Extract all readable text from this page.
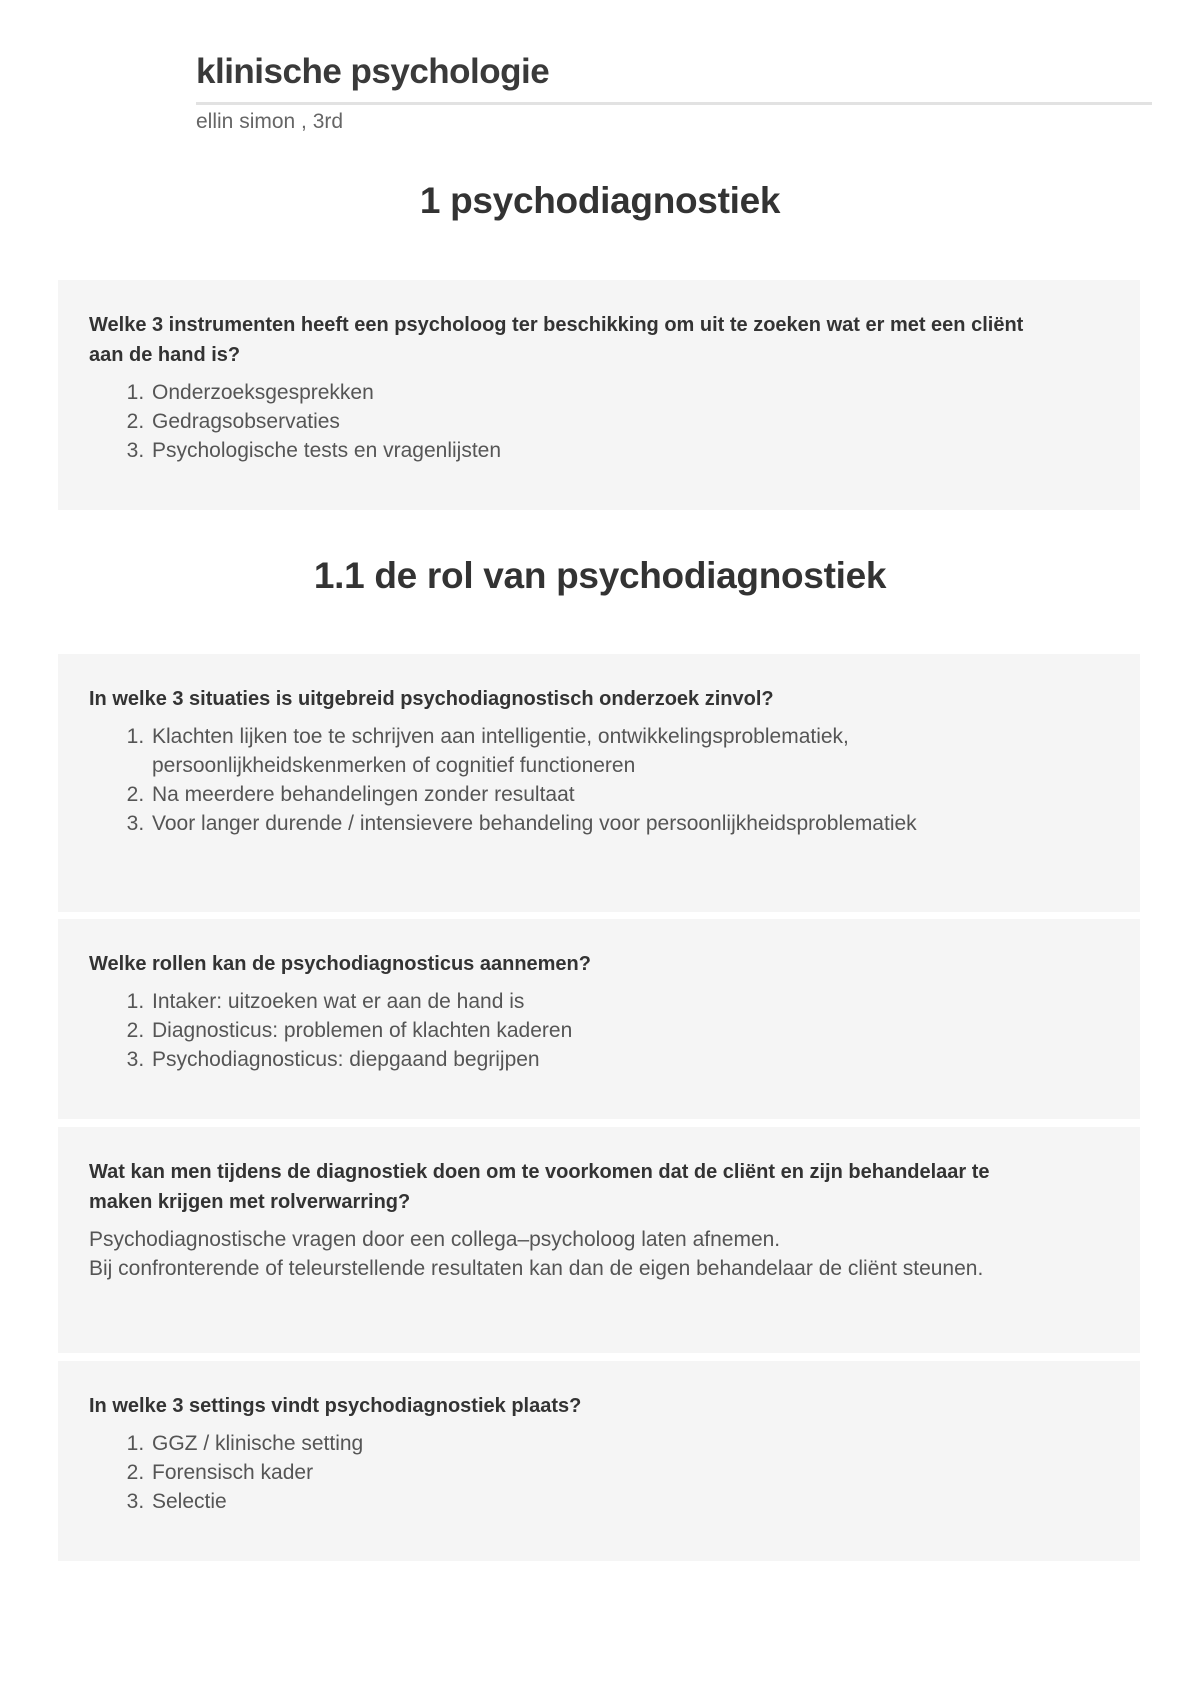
klinische psychologie
ellin simon , 3rd
1 psychodiagnostiek
Welke 3 instrumenten heeft een psycholoog ter beschikking om uit te zoeken wat er met een cliënt aan de hand is?
1. Onderzoeksgesprekken
2. Gedragsobservaties
3. Psychologische tests en vragenlijsten
1.1 de rol van psychodiagnostiek
In welke 3 situaties is uitgebreid psychodiagnostisch onderzoek zinvol?
1. Klachten lijken toe te schrijven aan intelligentie, ontwikkelingsproblematiek, persoonlijkheidskenmerken of cognitief functioneren
2. Na meerdere behandelingen zonder resultaat
3. Voor langer durende / intensievere behandeling voor persoonlijkheidsproblematiek
Welke rollen kan de psychodiagnosticus aannemen?
1. Intaker: uitzoeken wat er aan de hand is
2. Diagnosticus: problemen of klachten kaderen
3. Psychodiagnosticus: diepgaand begrijpen
Wat kan men tijdens de diagnostiek doen om te voorkomen dat de cliënt en zijn behandelaar te maken krijgen met rolverwarring?
Psychodiagnostische vragen door een collega–psycholoog laten afnemen.
Bij confronterende of teleurstellende resultaten kan dan de eigen behandelaar de cliënt steunen.
In welke 3 settings vindt psychodiagnostiek plaats?
1. GGZ / klinische setting
2. Forensisch kader
3. Selectie
